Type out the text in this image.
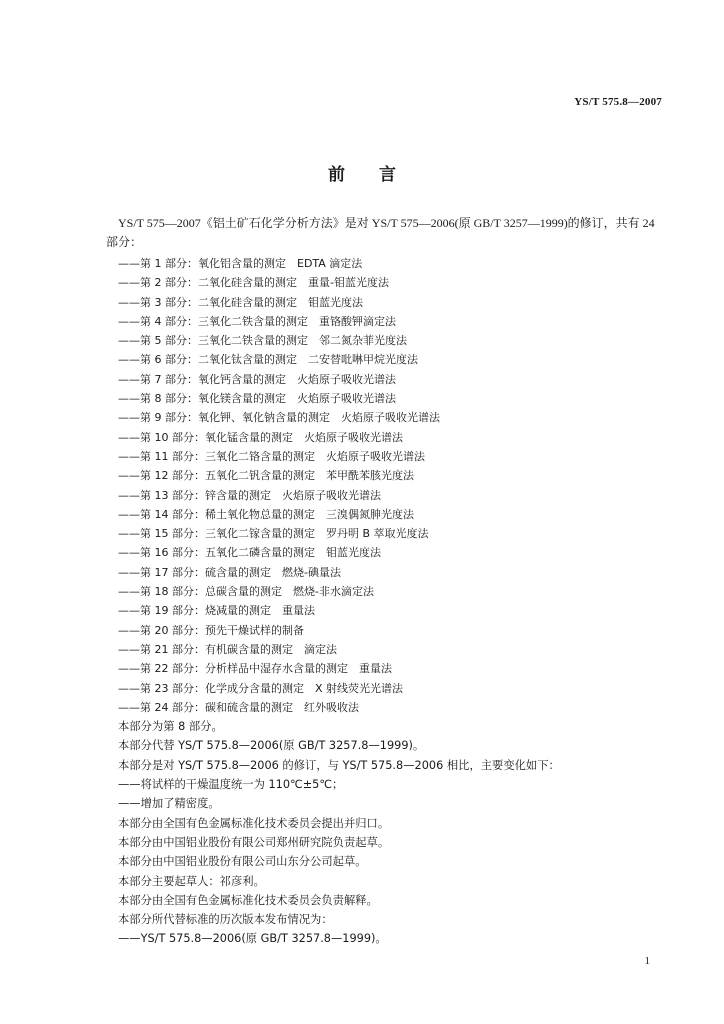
YS/T 575.8—2007
前言

YS/T 575—2007《铝土矿石化学分析方法》是对 YS/T 575—2006(原 GB/T 3257—1999)的修订，共有 24 部分：

——第 1 部分：氧化铝含量的测定　EDTA 滴定法
——第 2 部分：二氧化硅含量的测定　重量-钼蓝光度法
——第 3 部分：二氧化硅含量的测定　钼蓝光度法
——第 4 部分：三氧化二铁含量的测定　重铬酸钾滴定法
——第 5 部分：三氧化二铁含量的测定　邻二氮杂菲光度法
——第 6 部分：二氧化钛含量的测定　二安替吡啉甲烷光度法
——第 7 部分：氧化钙含量的测定　火焰原子吸收光谱法
——第 8 部分：氧化镁含量的测定　火焰原子吸收光谱法
——第 9 部分：氧化钾、氧化钠含量的测定　火焰原子吸收光谱法
——第 10 部分：氧化锰含量的测定　火焰原子吸收光谱法
——第 11 部分：三氧化二铬含量的测定　火焰原子吸收光谱法
——第 12 部分：五氧化二钒含量的测定　苯甲酰苯胲光度法
——第 13 部分：锌含量的测定　火焰原子吸收光谱法
——第 14 部分：稀土氧化物总量的测定　三溴偶氮胂光度法
——第 15 部分：三氧化二镓含量的测定　罗丹明 B 萃取光度法
——第 16 部分：五氧化二磷含量的测定　钼蓝光度法
——第 17 部分：硫含量的测定　燃烧-碘量法
——第 18 部分：总碳含量的测定　燃烧-非水滴定法
——第 19 部分：烧减量的测定　重量法
——第 20 部分：预先干燥试样的制备
——第 21 部分：有机碳含量的测定　滴定法
——第 22 部分：分析样品中湿存水含量的测定　重量法
——第 23 部分：化学成分含量的测定　X 射线荧光光谱法
——第 24 部分：碳和硫含量的测定　红外吸收法

本部分为第 8 部分。

本部分代替 YS/T 575.8—2006(原 GB/T 3257.8—1999)。

本部分是对 YS/T 575.8—2006 的修订，与 YS/T 575.8—2006 相比，主要变化如下：

——将试样的干燥温度统一为 110℃±5℃；

——增加了精密度。

本部分由全国有色金属标准化技术委员会提出并归口。

本部分由中国铝业股份有限公司郑州研究院负责起草。

本部分由中国铝业股份有限公司山东分公司起草。

本部分主要起草人：祁彦利。

本部分由全国有色金属标准化技术委员会负责解释。

本部分所代替标准的历次版本发布情况为：

——YS/T 575.8—2006(原 GB/T 3257.8—1999)。

1
